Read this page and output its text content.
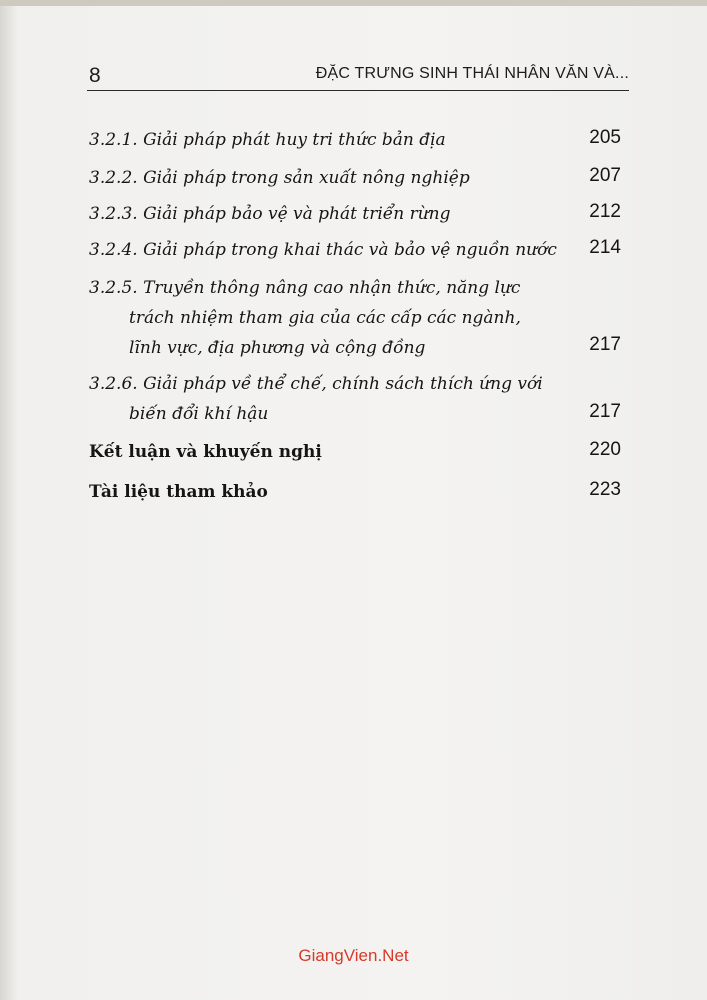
8	ĐẶC TRƯNG SINH THÁI NHÂN VĂN VÀ...
3.2.1. Giải pháp phát huy tri thức bản địa	205
3.2.2. Giải pháp trong sản xuất nông nghiệp	207
3.2.3. Giải pháp bảo vệ và phát triển rừng	212
3.2.4. Giải pháp trong khai thác và bảo vệ nguồn nước 214
3.2.5. Truyền thông nâng cao nhận thức, năng lực
trách nhiệm tham gia của các cấp các ngành,
lĩnh vực, địa phương và cộng đồng	217
3.2.6. Giải pháp về thể chế, chính sách thích ứng với
biến đổi khí hậu	217
Kết luận và khuyến nghị	220
Tài liệu tham khảo	223
GiangVien.Net
